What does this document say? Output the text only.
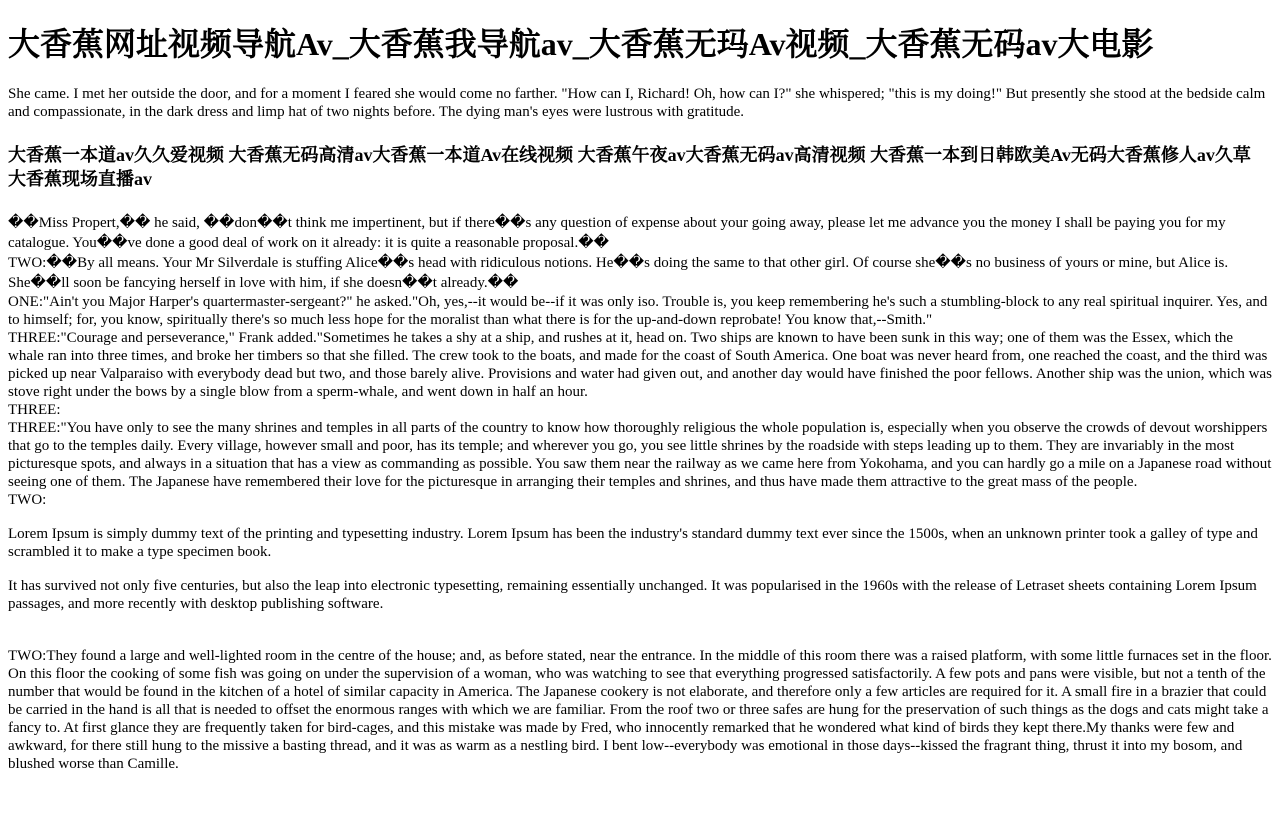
大香蕉网址视频导航Av_大香蕉我导航av_大香蕉无玛Av视频_大香蕉无码av大电影

She came. I met her outside the door, and for a moment I feared she would come no farther. "How can I, Richard! Oh, how can I?" she whispered; "this is my doing!" But presently she stood at the bedside calm and compassionate, in the dark dress and limp hat of two nights before. The dying man's eyes were lustrous with gratitude.

大香蕉一本道av久久爱视频 大香蕉无码高清av大香蕉一本道Av在线视频 大香蕉午夜av大香蕉无码av高清视频 大香蕉一本到日韩欧美Av无码大香蕉修人av久草 大香蕉现场直播av
��Miss Propert,�� he said, ��don��t think me impertinent, but if there��s any question of expense about your going away, please let me advance you the money I shall be paying you for my catalogue. You��ve done a good deal of work on it already: it is quite a reasonable proposal.��
TWO:��By all means. Your Mr Silverdale is stuffing Alice��s head with ridiculous notions. He��s doing the same to that other girl. Of course she��s no business of yours or mine, but Alice is. She��ll soon be fancying herself in love with him, if she doesn��t already.��
ONE:"Ain't you Major Harper's quartermaster-sergeant?" he asked."Oh, yes,--it would be--if it was only iso. Trouble is, you keep remembering he's such a stumbling-block to any real spiritual inquirer. Yes, and to himself; for, you know, spiritually there's so much less hope for the moralist than what there is for the up-and-down reprobate! You know that,--Smith."
THREE:"Courage and perseverance," Frank added."Sometimes he takes a shy at a ship, and rushes at it, head on. Two ships are known to have been sunk in this way; one of them was the Essex, which the whale ran into three times, and broke her timbers so that she filled. The crew took to the boats, and made for the coast of South America. One boat was never heard from, one reached the coast, and the third was picked up near Valparaiso with everybody dead but two, and those barely alive. Provisions and water had given out, and another day would have finished the poor fellows. Another ship was the union, which was stove right under the bows by a single blow from a sperm-whale, and went down in half an hour.
THREE:
THREE:"You have only to see the many shrines and temples in all parts of the country to know how thoroughly religious the whole population is, especially when you observe the crowds of devout worshippers that go to the temples daily. Every village, however small and poor, has its temple; and wherever you go, you see little shrines by the roadside with steps leading up to them. They are invariably in the most picturesque spots, and always in a situation that has a view as commanding as possible. You saw them near the railway as we came here from Yokohama, and you can hardly go a mile on a Japanese road without seeing one of them. The Japanese have remembered their love for the picturesque in arranging their temples and shrines, and thus have made them attractive to the great mass of the people.
TWO:

Lorem Ipsum is simply dummy text of the printing and typesetting industry. Lorem Ipsum has been the industry's standard dummy text ever since the 1500s, when an unknown printer took a galley of type and scrambled it to make a type specimen book.

It has survived not only five centuries, but also the leap into electronic typesetting, remaining essentially unchanged. It was popularised in the 1960s with the release of Letraset sheets containing Lorem Ipsum passages, and more recently with desktop publishing software.

TWO:They found a large and well-lighted room in the centre of the house; and, as before stated, near the entrance. In the middle of this room there was a raised platform, with some little furnaces set in the floor. On this floor the cooking of some fish was going on under the supervision of a woman, who was watching to see that everything progressed satisfactorily. A few pots and pans were visible, but not a tenth of the number that would be found in the kitchen of a hotel of similar capacity in America. The Japanese cookery is not elaborate, and therefore only a few articles are required for it. A small fire in a brazier that could be carried in the hand is all that is needed to offset the enormous ranges with which we are familiar. From the roof two or three safes are hung for the preservation of such things as the dogs and cats might take a fancy to. At first glance they are frequently taken for bird-cages, and this mistake was made by Fred, who innocently remarked that he wondered what kind of birds they kept there.My thanks were few and awkward, for there still hung to the missive a basting thread, and it was as warm as a nestling bird. I bent low--everybody was emotional in those days--kissed the fragrant thing, thrust it into my bosom, and blushed worse than Camille.
